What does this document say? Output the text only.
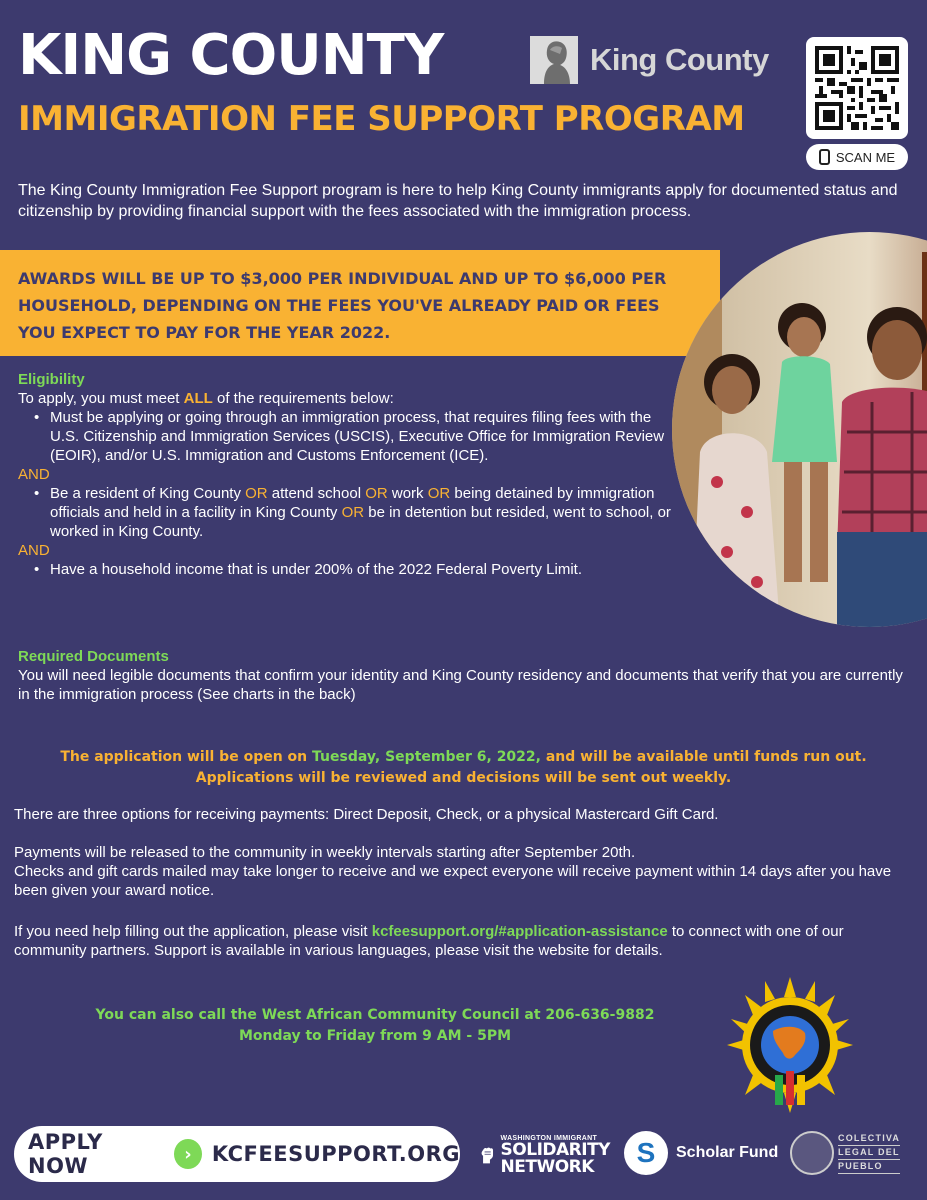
KING COUNTY
IMMIGRATION FEE SUPPORT PROGRAM
King County
SCAN ME

The King County Immigration Fee Support program is here to help King County immigrants apply for documented status and citizenship by providing financial support with the fees associated with the immigration process.

AWARDS WILL BE UP TO $3,000 PER INDIVIDUAL AND UP TO $6,000 PER HOUSEHOLD, DEPENDING ON THE FEES YOU'VE ALREADY PAID OR FEES YOU EXPECT TO PAY FOR THE YEAR 2022.

Eligibility
To apply, you must meet ALL of the requirements below:
• Must be applying or going through an immigration process, that requires filing fees with the U.S. Citizenship and Immigration Services (USCIS), Executive Office for Immigration Review (EOIR), and/or U.S. Immigration and Customs Enforcement (ICE).
AND
• Be a resident of King County OR attend school OR work OR being detained by immigration officials and held in a facility in King County OR be in detention but resided, went to school, or worked in King County.
AND
• Have a household income that is under 200% of the 2022 Federal Poverty Limit.
Required Documents
You will need legible documents that confirm your identity and King County residency and documents that verify that you are currently in the immigration process (See charts in the back)
The application will be open on Tuesday, September 6, 2022, and will be available until funds run out.
Applications will be reviewed and decisions will be sent out weekly.

There are three options for receiving payments: Direct Deposit, Check, or a physical Mastercard Gift Card.

Payments will be released to the community in weekly intervals starting after September 20th.

Checks and gift cards mailed may take longer to receive and we expect everyone will receive payment within 14 days after you have been given your award notice.

If you need help filling out the application, please visit kcfeesupport.org/#application-assistance to connect with one of our community partners. Support is available in various languages, please visit the website for details.

You can also call the West African Community Council at 206-636-9882
Monday to Friday from 9 AM - 5PM
APPLY NOW	› KCFEESUPPORT.ORG
WASHINGTON IMMIGRANT
SOLIDARITY
NETWORK	S	Scholar Fund
COLECTIVA
LEGAL DEL
PUEBLO
